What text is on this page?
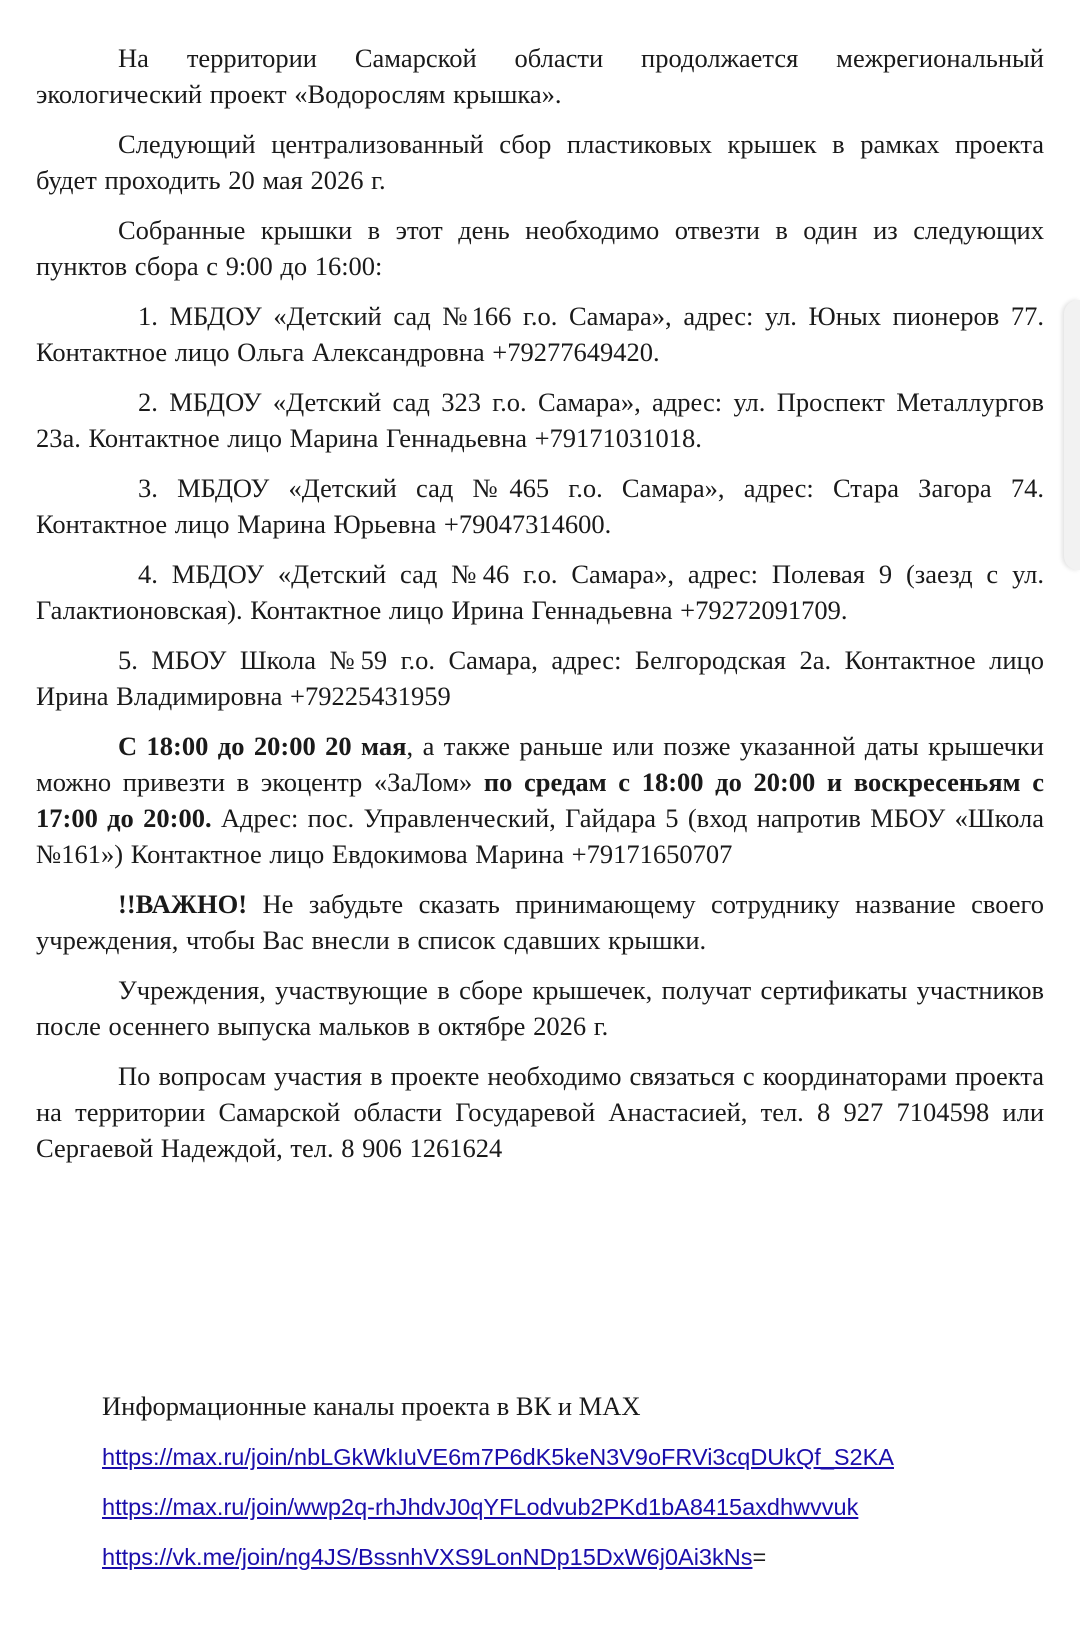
На территории Самарской области продолжается межрегиональный экологический проект «Водорослям крышка».

Следующий централизованный сбор пластиковых крышек в рамках проекта будет проходить 20 мая 2026 г.

Собранные крышки в этот день необходимо отвезти в один из следующих пунктов сбора с 9:00 до 16:00:

1. МБДОУ «Детский сад №166 г.о. Самара», адрес: ул. Юных пионеров 77. Контактное лицо Ольга Александровна +79277649420.

2. МБДОУ «Детский сад 323 г.о. Самара», адрес: ул. Проспект Металлургов 23а. Контактное лицо Марина Геннадьевна +79171031018.

3. МБДОУ «Детский сад №465 г.о. Самара», адрес: Стара Загора 74. Контактное лицо Марина Юрьевна +79047314600.

4. МБДОУ «Детский сад №46 г.о. Самара», адрес: Полевая 9 (заезд с ул. Галактионовская). Контактное лицо Ирина Геннадьевна +79272091709.

5. МБОУ Школа №59 г.о. Самара, адрес: Белгородская 2а. Контактное лицо Ирина Владимировна +79225431959

С 18:00 до 20:00 20 мая, а также раньше или позже указанной даты крышечки можно привезти в экоцентр «ЗаЛом» по средам с 18:00 до 20:00 и воскресеньям с 17:00 до 20:00. Адрес: пос. Управленческий, Гайдара 5 (вход напротив МБОУ «Школа №161») Контактное лицо Евдокимова Марина +79171650707

!!ВАЖНО! Не забудьте сказать принимающему сотруднику название своего учреждения, чтобы Вас внесли в список сдавших крышки.

Учреждения, участвующие в сборе крышечек, получат сертификаты участников после осеннего выпуска мальков в октябре 2026 г.

По вопросам участия в проекте необходимо связаться с координаторами проекта на территории Самарской области Государевой Анастасией, тел. 8 927 7104598 или Сергаевой Надеждой, тел. 8 906 1261624

Информационные каналы проекта в ВК и МАХ
https://max.ru/join/nbLGkWkIuVE6m7P6dK5keN3V9oFRVi3cqDUkQf_S2KA
https://max.ru/join/wwp2q-rhJhdvJ0qYFLodvub2PKd1bA8415axdhwvvuk
https://vk.me/join/ng4JS/BssnhVXS9LonNDp15DxW6j0Ai3kNs=
